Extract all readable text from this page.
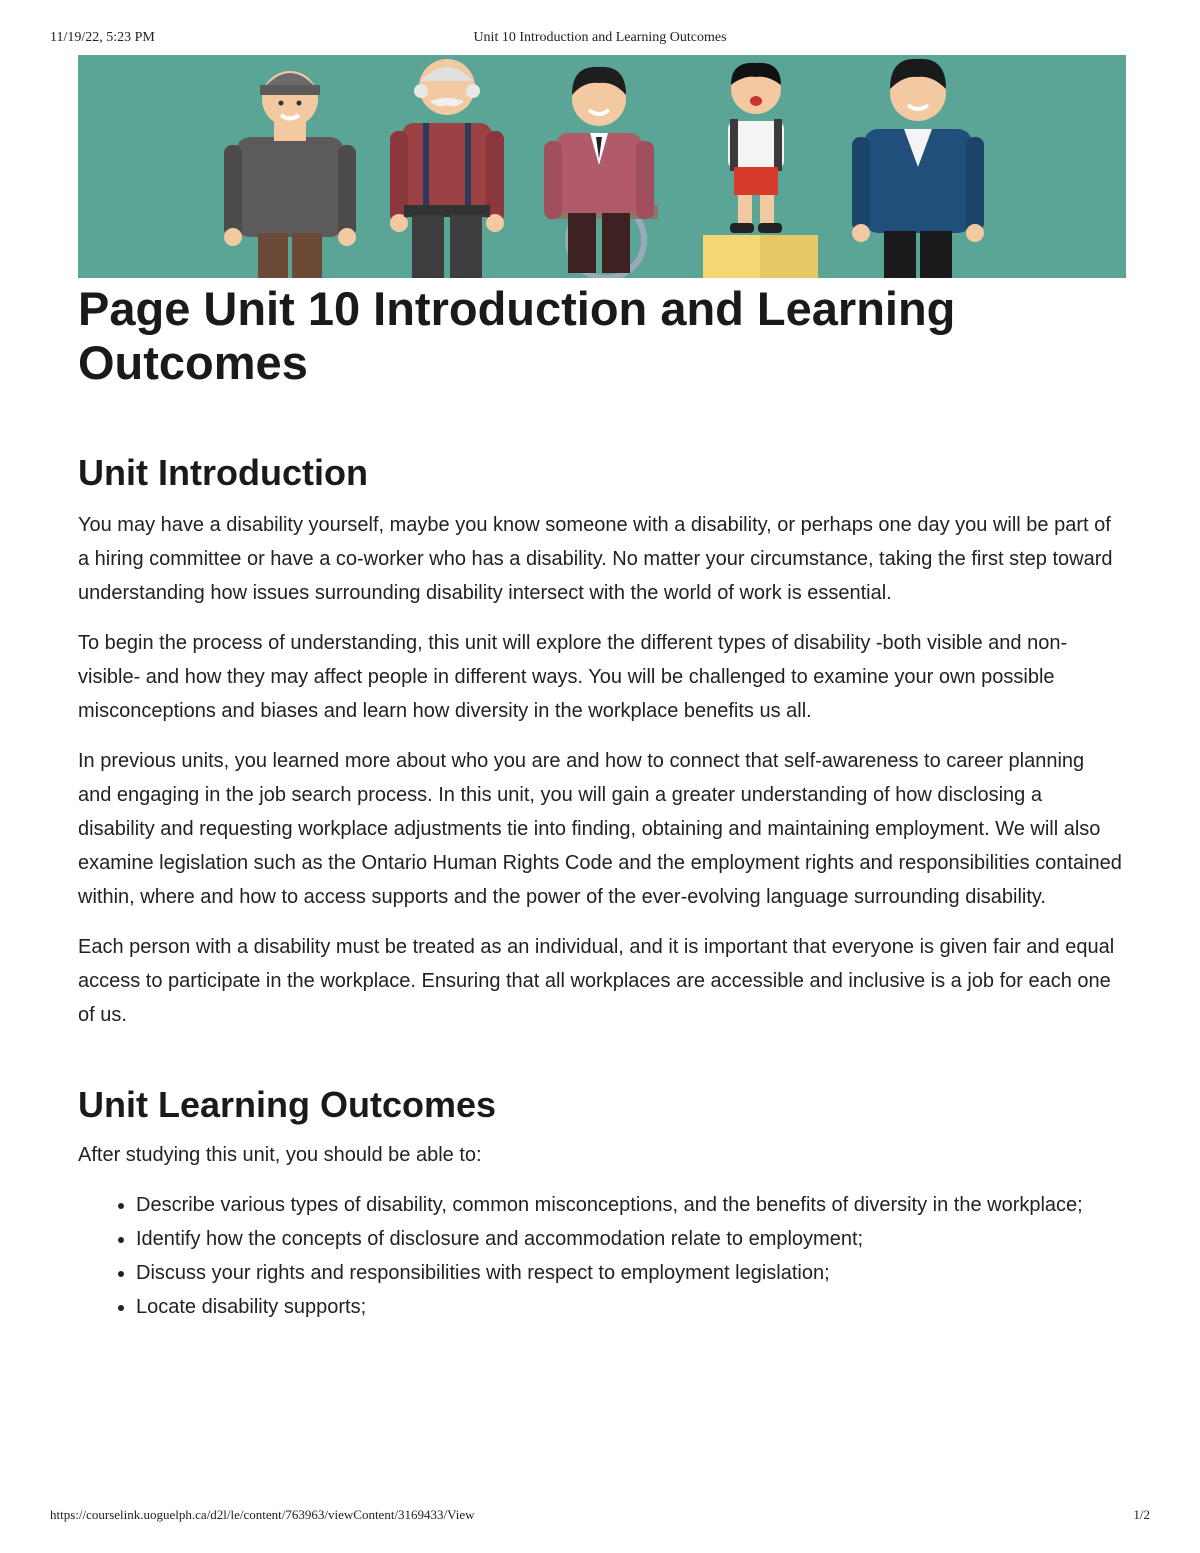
11/19/22, 5:23 PM	Unit 10 Introduction and Learning Outcomes
Page Unit 10 Introduction and Learning Outcomes
Unit Introduction

You may have a disability yourself, maybe you know someone with a disability, or perhaps one day you will be part of a hiring committee or have a co-worker who has a disability. No matter your circumstance, taking the first step toward understanding how issues surrounding disability intersect with the world of work is essential.

To begin the process of understanding, this unit will explore the different types of disability -both visible and non-visible- and how they may affect people in different ways. You will be challenged to examine your own possible misconceptions and biases and learn how diversity in the workplace benefits us all.

In previous units, you learned more about who you are and how to connect that self-awareness to career planning and engaging in the job search process. In this unit, you will gain a greater understanding of how disclosing a disability and requesting workplace adjustments tie into finding, obtaining and maintaining employment. We will also examine legislation such as the Ontario Human Rights Code and the employment rights and responsibilities contained within, where and how to access supports and the power of the ever-evolving language surrounding disability.

Each person with a disability must be treated as an individual, and it is important that everyone is given fair and equal access to participate in the workplace. Ensuring that all workplaces are accessible and inclusive is a job for each one of us.

Unit Learning Outcomes

After studying this unit, you should be able to:

• Describe various types of disability, common misconceptions, and the benefits of diversity in the workplace;
• Identify how the concepts of disclosure and accommodation relate to employment;
• Discuss your rights and responsibilities with respect to employment legislation;
• Locate disability supports;
https://courselink.uoguelph.ca/d2l/le/content/763963/viewContent/3169433/View	1/2
